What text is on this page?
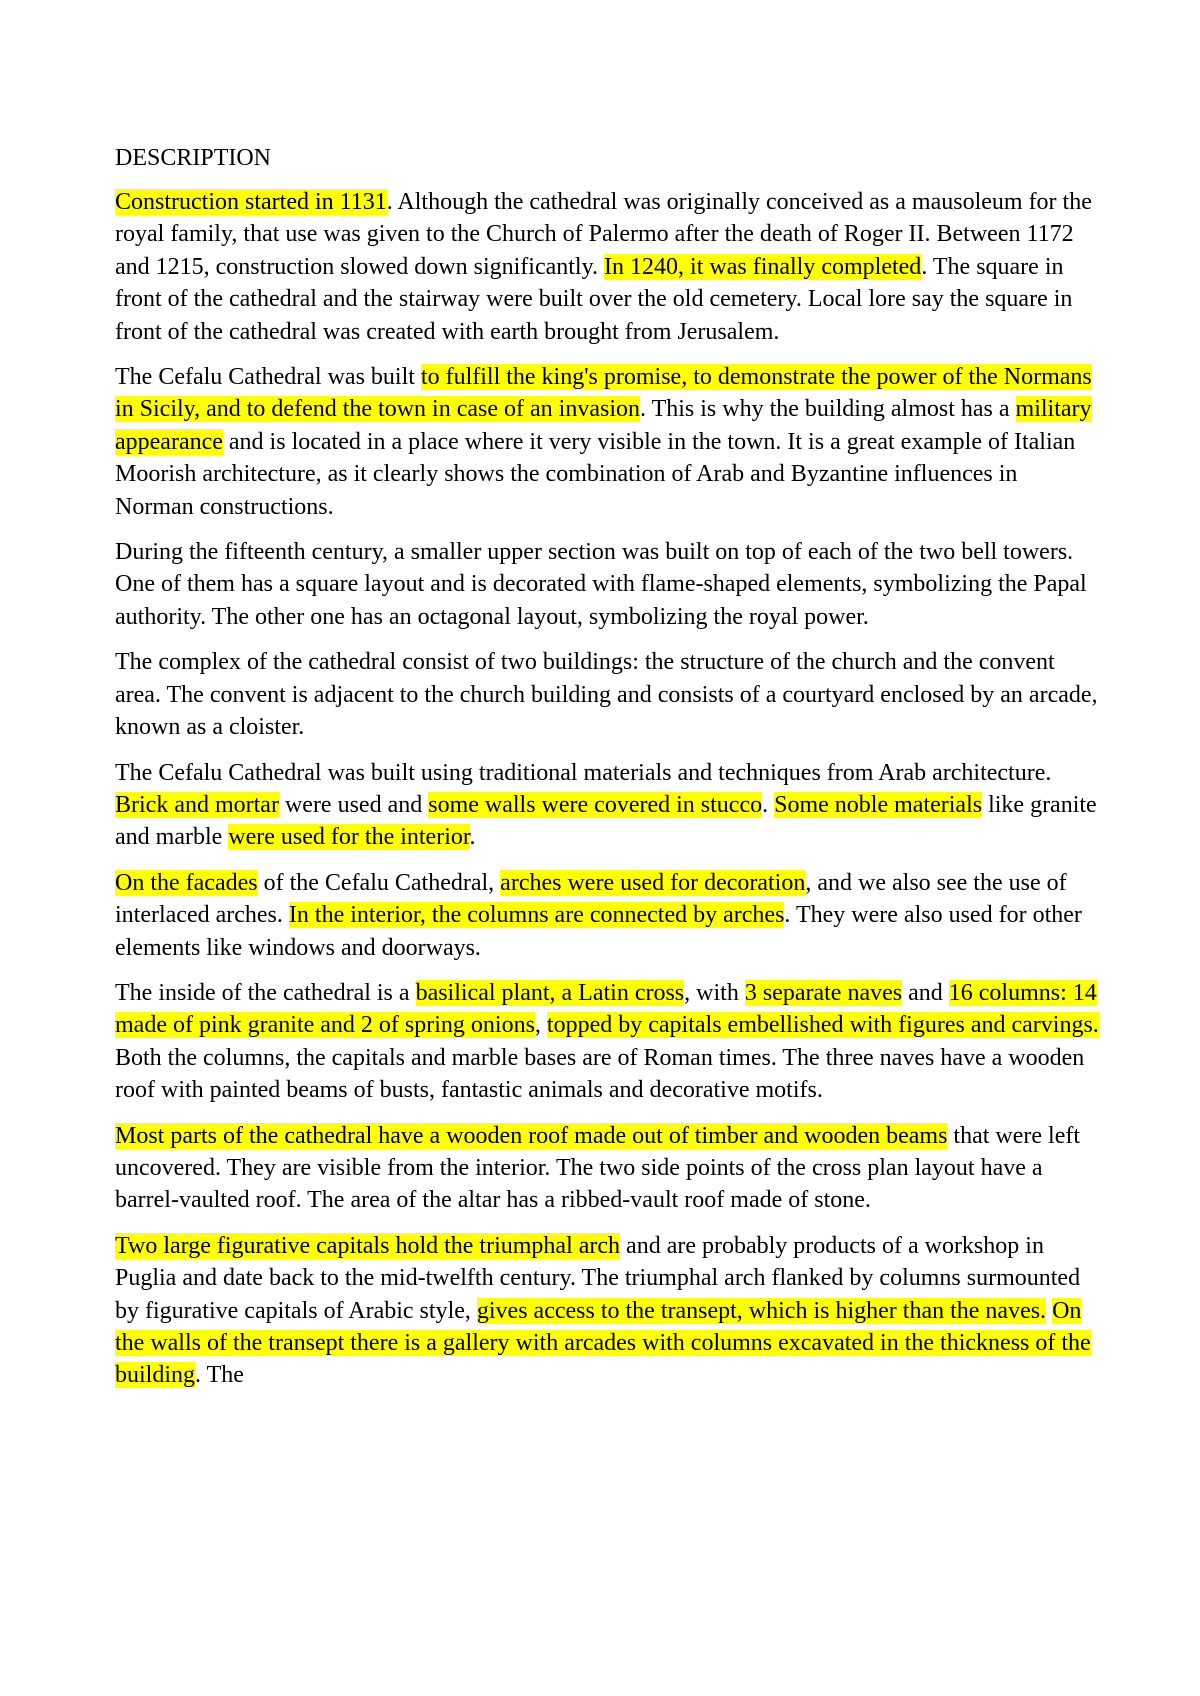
DESCRIPTION

Construction started in 1131. Although the cathedral was originally conceived as a mausoleum for the royal family, that use was given to the Church of Palermo after the death of Roger II. Between 1172 and 1215, construction slowed down significantly. In 1240, it was finally completed. The square in front of the cathedral and the stairway were built over the old cemetery. Local lore say the square in front of the cathedral was created with earth brought from Jerusalem.

The Cefalu Cathedral was built to fulfill the king's promise, to demonstrate the power of the Normans in Sicily, and to defend the town in case of an invasion. This is why the building almost has a military appearance and is located in a place where it very visible in the town. It is a great example of Italian Moorish architecture, as it clearly shows the combination of Arab and Byzantine influences in Norman constructions.

During the fifteenth century, a smaller upper section was built on top of each of the two bell towers. One of them has a square layout and is decorated with flame-shaped elements, symbolizing the Papal authority. The other one has an octagonal layout, symbolizing the royal power.

The complex of the cathedral consist of two buildings: the structure of the church and the convent area. The convent is adjacent to the church building and consists of a courtyard enclosed by an arcade, known as a cloister.

The Cefalu Cathedral was built using traditional materials and techniques from Arab architecture. Brick and mortar were used and some walls were covered in stucco. Some noble materials like granite and marble were used for the interior.

On the facades of the Cefalu Cathedral, arches were used for decoration, and we also see the use of interlaced arches. In the interior, the columns are connected by arches. They were also used for other elements like windows and doorways.

The inside of the cathedral is a basilical plant, a Latin cross, with 3 separate naves and 16 columns: 14 made of pink granite and 2 of spring onions, topped by capitals embellished with figures and carvings. Both the columns, the capitals and marble bases are of Roman times. The three naves have a wooden roof with painted beams of busts, fantastic animals and decorative motifs.

Most parts of the cathedral have a wooden roof made out of timber and wooden beams that were left uncovered. They are visible from the interior. The two side points of the cross plan layout have a barrel-vaulted roof. The area of the altar has a ribbed-vault roof made of stone.

Two large figurative capitals hold the triumphal arch and are probably products of a workshop in Puglia and date back to the mid-twelfth century. The triumphal arch flanked by columns surmounted by figurative capitals of Arabic style, gives access to the transept, which is higher than the naves. On the walls of the transept there is a gallery with arcades with columns excavated in the thickness of the building. The
